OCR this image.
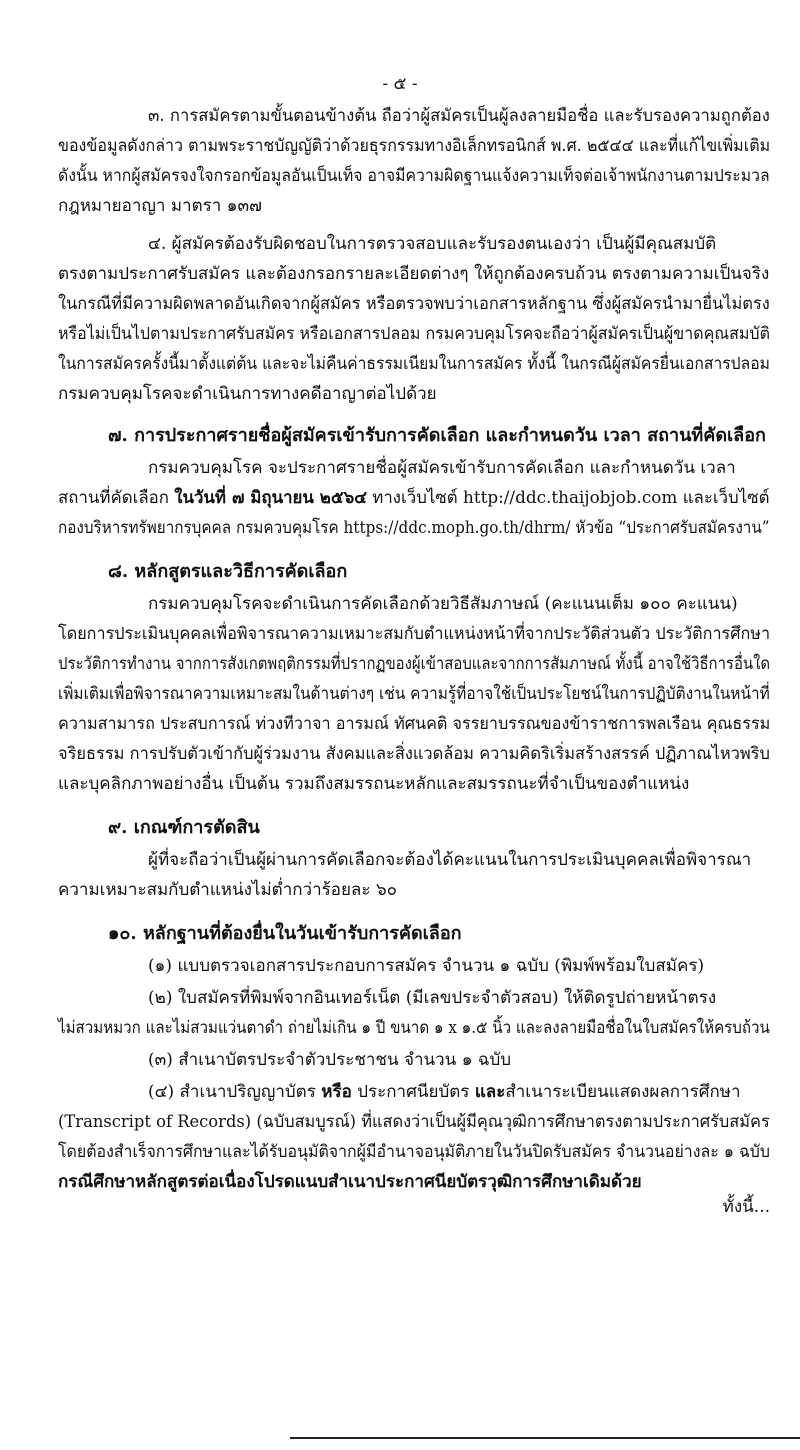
- ๕ -
๓. การสมัครตามขั้นตอนข้างต้น ถือว่าผู้สมัครเป็นผู้ลงลายมือชื่อ และรับรองความถูกต้อง
ของข้อมูลดังกล่าว ตามพระราชบัญญัติว่าด้วยธุรกรรมทางอิเล็กทรอนิกส์ พ.ศ. ๒๕๔๔ และที่แก้ไขเพิ่มเติม
ดังนั้น หากผู้สมัครจงใจกรอกข้อมูลอันเป็นเท็จ อาจมีความผิดฐานแจ้งความเท็จต่อเจ้าพนักงานตามประมวล
กฎหมายอาญา มาตรา ๑๓๗
๔. ผู้สมัครต้องรับผิดชอบในการตรวจสอบและรับรองตนเองว่า เป็นผู้มีคุณสมบัติ
ตรงตามประกาศรับสมัคร และต้องกรอกรายละเอียดต่างๆ ให้ถูกต้องครบถ้วน ตรงตามความเป็นจริง
ในกรณีที่มีความผิดพลาดอันเกิดจากผู้สมัคร หรือตรวจพบว่าเอกสารหลักฐาน ซึ่งผู้สมัครนำมายื่นไม่ตรง
หรือไม่เป็นไปตามประกาศรับสมัคร หรือเอกสารปลอม กรมควบคุมโรคจะถือว่าผู้สมัครเป็นผู้ขาดคุณสมบัติ
ในการสมัครครั้งนี้มาตั้งแต่ต้น และจะไม่คืนค่าธรรมเนียมในการสมัคร ทั้งนี้ ในกรณีผู้สมัครยื่นเอกสารปลอม
กรมควบคุมโรคจะดำเนินการทางคดีอาญาต่อไปด้วย
๗. การประกาศรายชื่อผู้สมัครเข้ารับการคัดเลือก และกำหนดวัน เวลา สถานที่คัดเลือก
กรมควบคุมโรค จะประกาศรายชื่อผู้สมัครเข้ารับการคัดเลือก และกำหนดวัน เวลา
สถานที่คัดเลือก ในวันที่ ๗ มิถุนายน ๒๕๖๔ ทางเว็บไซต์ http://ddc.thaijobjob.com และเว็บไซต์
กองบริหารทรัพยากรบุคคล กรมควบคุมโรค https://ddc.moph.go.th/dhrm/ หัวข้อ “ประกาศรับสมัครงาน”
๘. หลักสูตรและวิธีการคัดเลือก
กรมควบคุมโรคจะดำเนินการคัดเลือกด้วยวิธีสัมภาษณ์ (คะแนนเต็ม ๑๐๐ คะแนน)
โดยการประเมินบุคคลเพื่อพิจารณาความเหมาะสมกับตำแหน่งหน้าที่จากประวัติส่วนตัว ประวัติการศึกษา
ประวัติการทำงาน จากการสังเกตพฤติกรรมที่ปรากฏของผู้เข้าสอบและจากการสัมภาษณ์ ทั้งนี้ อาจใช้วิธีการอื่นใด
เพิ่มเติมเพื่อพิจารณาความเหมาะสมในด้านต่างๆ เช่น ความรู้ที่อาจใช้เป็นประโยชน์ในการปฏิบัติงานในหน้าที่
ความสามารถ ประสบการณ์ ท่วงทีวาจา อารมณ์ ทัศนคติ จรรยาบรรณของข้าราชการพลเรือน คุณธรรม
จริยธรรม การปรับตัวเข้ากับผู้ร่วมงาน สังคมและสิ่งแวดล้อม ความคิดริเริ่มสร้างสรรค์ ปฏิภาณไหวพริบ
และบุคลิกภาพอย่างอื่น เป็นต้น รวมถึงสมรรถนะหลักและสมรรถนะที่จำเป็นของตำแหน่ง
๙. เกณฑ์การตัดสิน
ผู้ที่จะถือว่าเป็นผู้ผ่านการคัดเลือกจะต้องได้คะแนนในการประเมินบุคคลเพื่อพิจารณา
ความเหมาะสมกับตำแหน่งไม่ต่ำกว่าร้อยละ ๖๐
๑๐. หลักฐานที่ต้องยื่นในวันเข้ารับการคัดเลือก
(๑) แบบตรวจเอกสารประกอบการสมัคร จำนวน ๑ ฉบับ (พิมพ์พร้อมใบสมัคร)
(๒) ใบสมัครที่พิมพ์จากอินเทอร์เน็ต (มีเลขประจำตัวสอบ) ให้ติดรูปถ่ายหน้าตรง
ไม่สวมหมวก และไม่สวมแว่นตาดำ ถ่ายไม่เกิน ๑ ปี ขนาด ๑ x ๑.๕ นิ้ว และลงลายมือชื่อในใบสมัครให้ครบถ้วน
(๓) สำเนาบัตรประจำตัวประชาชน จำนวน ๑ ฉบับ
(๔) สำเนาปริญญาบัตร หรือ ประกาศนียบัตร และสำเนาระเบียนแสดงผลการศึกษา
(Transcript of Records) (ฉบับสมบูรณ์) ที่แสดงว่าเป็นผู้มีคุณวุฒิการศึกษาตรงตามประกาศรับสมัคร
โดยต้องสำเร็จการศึกษาและได้รับอนุมัติจากผู้มีอำนาจอนุมัติภายในวันปิดรับสมัคร จำนวนอย่างละ ๑ ฉบับ
กรณีศึกษาหลักสูตรต่อเนื่องโปรดแนบสำเนาประกาศนียบัตรวุฒิการศึกษาเดิมด้วย
ทั้งนี้...
